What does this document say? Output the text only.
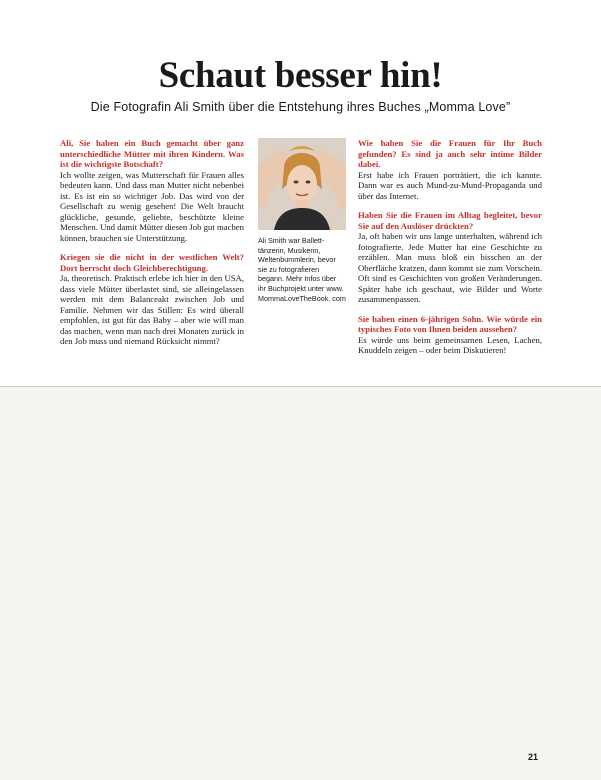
Schaut besser hin!

Die Fotografin Ali Smith über die Entstehung ihres Buches „Momma Love”

Ali, Sie haben ein Buch gemacht über ganz unterschiedliche Mütter mit ihren Kindern. Was ist die wichtigste Botschaft?

Ich wollte zeigen, was Mutterschaft für Frauen alles bedeuten kann. Und dass man Mutter nicht nebenbei ist. Es ist ein so wichtiger Job. Das wird von der Gesellschaft zu wenig gesehen! Die Welt braucht glückliche, gesunde, geliebte, beschützte kleine Menschen. Und damit Mütter diesen Job gut machen können, brauchen sie Unterstützung.

Kriegen sie die nicht in der westlichen Welt? Dort herrscht doch Gleichberechtigung.

Ja, theoretisch. Praktisch erlebe ich hier in den USA, dass viele Mütter überlastet sind, sie alleingelassen werden mit dem Balanceakt zwischen Job und Familie. Nehmen wir das Stillen: Es wird überall empfohlen, ist gut für das Baby – aber wie will man das machen, wenn man nach drei Monaten zurück in den Job muss und niemand Rücksicht nimmt?

Ali Smith war Ballett-tänzerin, Musikerin, Weltenbummlerin, bevor sie zu fotografieren begann. Mehr Infos über ihr Buchprojekt unter www. MommaLoveTheBook. com

Wie haben Sie die Frauen für Ihr Buch gefunden? Es sind ja auch sehr intime Bilder dabei.

Erst habe ich Frauen porträtiert, die ich kannte. Dann war es auch Mund-zu-Mund-Propaganda und über das Internet.

Haben Sie die Frauen im Alltag begleitet, bevor Sie auf den Auslöser drückten?

Ja, oft haben wir uns lange unterhalten, während ich fotografierte. Jede Mutter hat eine Geschichte zu erzählen. Man muss bloß ein bisschen an der Oberfläche kratzen, dann kommt sie zum Vorschein. Oft sind es Geschichten von großen Veränderungen. Später habe ich geschaut, wie Bilder und Worte zusammenpassen.

Sie haben einen 6-jährigen Sohn. Wie würde ein typisches Foto von Ihnen beiden aussehen?

Es würde uns beim gemeinsamen Lesen, Lachen, Knuddeln zeigen – oder beim Diskutieren!

21
